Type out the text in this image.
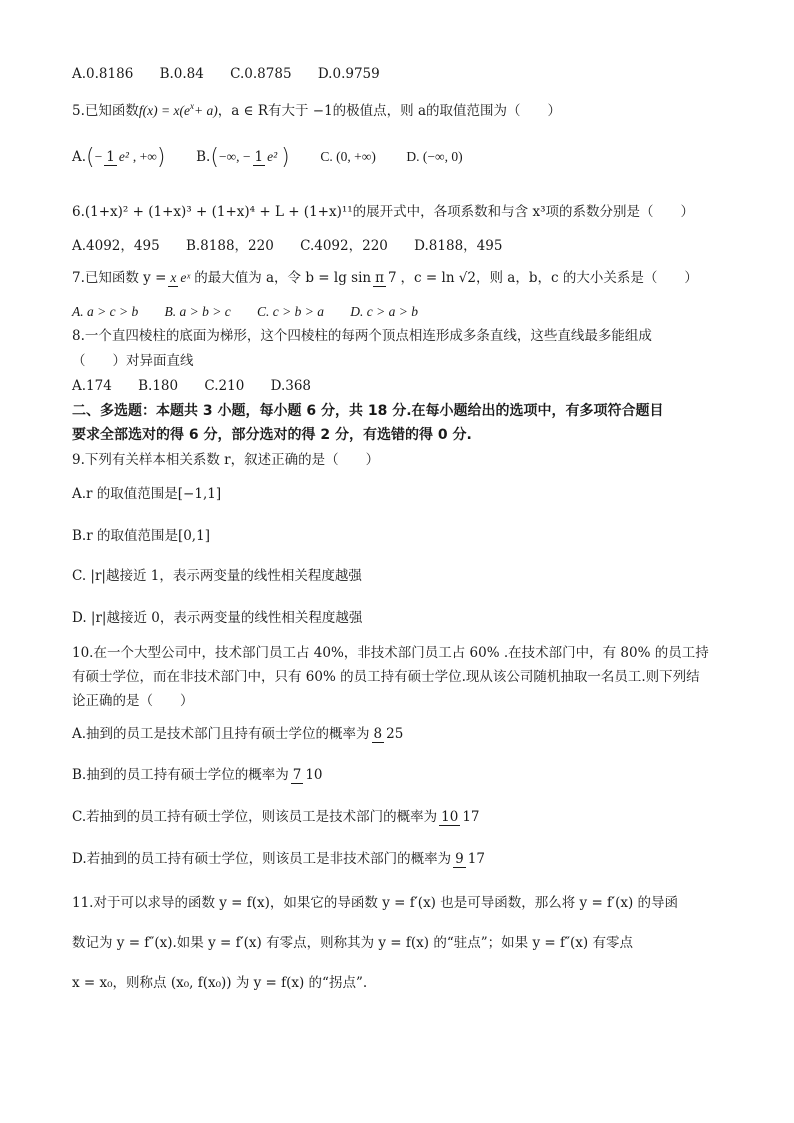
A.0.8186 B.0.84 C.0.8785 D.0.9759
5.已知函数$f(x) = x(e^x+ a)$，a ∈ R有大于 −1的极值点，则 a的取值范围为（　　）
A.(− 1 e² , +∞) B.(−∞, − 1 e² ) C. (0, +∞) D. (−∞, 0)
6.(1+x)² + (1+x)³ + (1+x)⁴ + L + (1+x)¹¹的展开式中，各项系数和与含 x³项的系数分别是（　　）
A.4092，495 B.8188，220 C.4092，220 D.8188，495
7.已知函数 y = x eˣ 的最大值为 a，令 b = lg sin π 7 ，c = ln √2，则 a，b，c 的大小关系是（　　）
A. a > c > b B. a > b > c C. c > b > a D. c > a > b
8.一个直四棱柱的底面为梯形，这个四棱柱的每两个顶点相连形成多条直线，这些直线最多能组成
（　　）对异面直线
A.174 B.180 C.210 D.368
二、多选题：本题共 3 小题，每小题 6 分，共 18 分.在每小题给出的选项中，有多项符合题目
要求全部选对的得 6 分，部分选对的得 2 分，有选错的得 0 分.
9.下列有关样本相关系数 r，叙述正确的是（　　）
A.r 的取值范围是[−1,1]
B.r 的取值范围是[0,1]
C. |r|越接近 1，表示两变量的线性相关程度越强
D. |r|越接近 0，表示两变量的线性相关程度越强
10.在一个大型公司中，技术部门员工占 40%，非技术部门员工占 60% .在技术部门中，有 80% 的员工持
有硕士学位，而在非技术部门中，只有 60% 的员工持有硕士学位.现从该公司随机抽取一名员工.则下列结
论正确的是（　　）
A.抽到的员工是技术部门且持有硕士学位的概率为 8 25
B.抽到的员工持有硕士学位的概率为 7 10
C.若抽到的员工持有硕士学位，则该员工是技术部门的概率为 10 17
D.若抽到的员工持有硕士学位，则该员工是非技术部门的概率为 9 17
11.对于可以求导的函数 y = f(x)，如果它的导函数 y = f′(x) 也是可导函数，那么将 y = f′(x) 的导函
数记为 y = f″(x).如果 y = f′(x) 有零点，则称其为 y = f(x) 的“驻点”；如果 y = f″(x) 有零点
x = x₀，则称点 (x₀, f(x₀)) 为 y = f(x) 的“拐点”.
